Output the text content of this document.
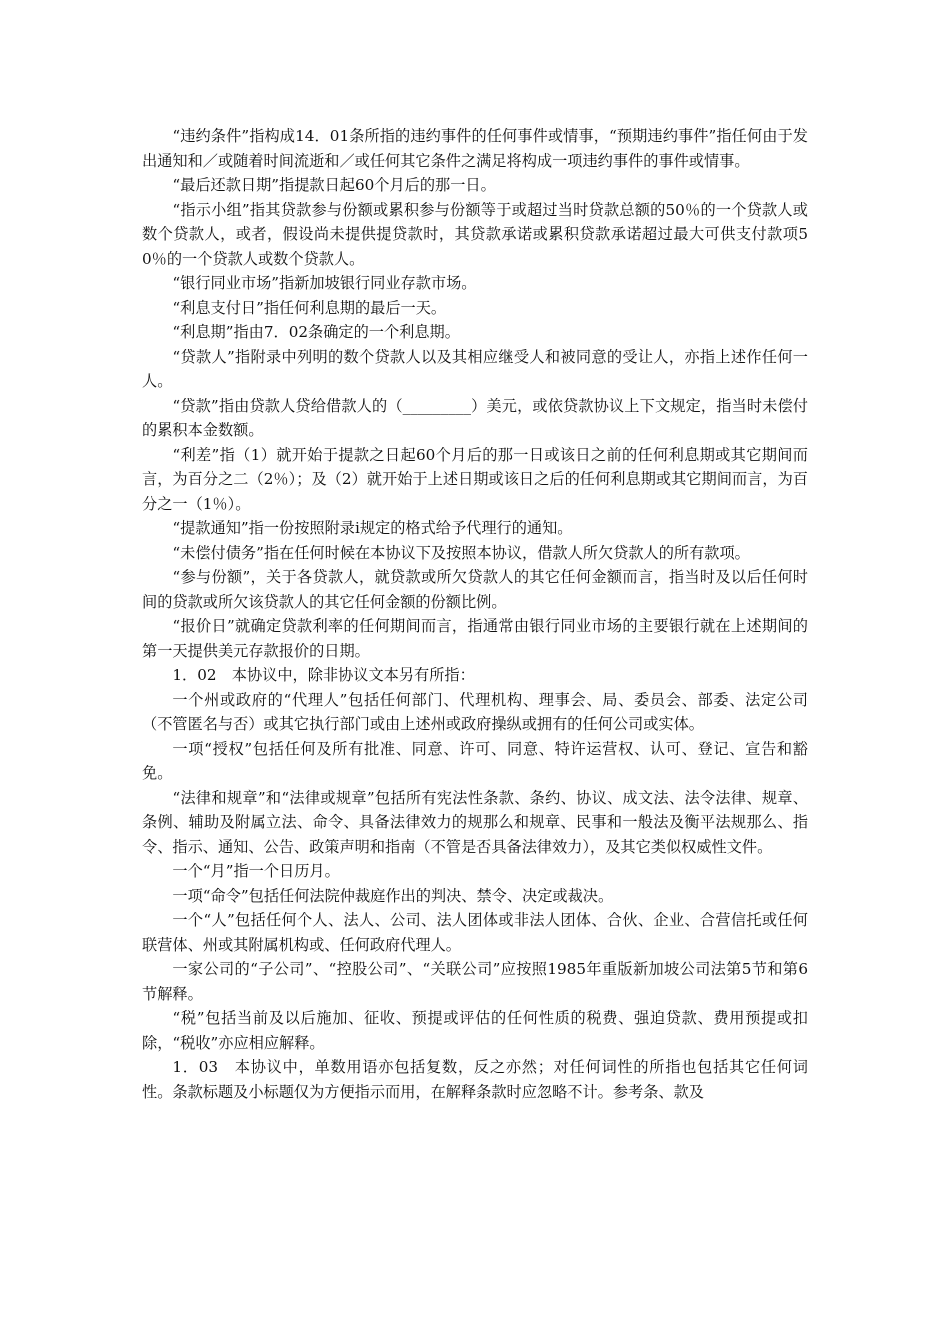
“违约条件”指构成14．01条所指的违约事件的任何事件或情事，“预期违约事件”指任何由于发出通知和／或随着时间流逝和／或任何其它条件之满足将构成一项违约事件的事件或情事。

“最后还款日期”指提款日起60个月后的那一日。

“指示小组”指其贷款参与份额或累积参与份额等于或超过当时贷款总额的50％的一个贷款人或数个贷款人，或者，假设尚未提供提贷款时，其贷款承诺或累积贷款承诺超过最大可供支付款项50％的一个贷款人或数个贷款人。

“银行同业市场”指新加坡银行同业存款市场。

“利息支付日”指任何利息期的最后一天。

“利息期”指由7．02条确定的一个利息期。

“贷款人”指附录中列明的数个贷款人以及其相应继受人和被同意的受让人，亦指上述作任何一人。

“贷款”指由贷款人贷给借款人的（_________）美元，或依贷款协议上下文规定，指当时未偿付的累积本金数额。

“利差”指（1）就开始于提款之日起60个月后的那一日或该日之前的任何利息期或其它期间而言，为百分之二（2％）；及（2）就开始于上述日期或该日之后的任何利息期或其它期间而言，为百分之一（1％）。

“提款通知”指一份按照附录i规定的格式给予代理行的通知。

“未偿付债务”指在任何时候在本协议下及按照本协议，借款人所欠贷款人的所有款项。

“参与份额”，关于各贷款人，就贷款或所欠贷款人的其它任何金额而言，指当时及以后任何时间的贷款或所欠该贷款人的其它任何金额的份额比例。

“报价日”就确定贷款利率的任何期间而言，指通常由银行同业市场的主要银行就在上述期间的第一天提供美元存款报价的日期。

1．02　本协议中，除非协议文本另有所指：

一个州或政府的“代理人”包括任何部门、代理机构、理事会、局、委员会、部委、法定公司（不管匿名与否）或其它执行部门或由上述州或政府操纵或拥有的任何公司或实体。

一项“授权”包括任何及所有批准、同意、许可、同意、特许运营权、认可、登记、宣告和豁免。

“法律和规章”和“法律或规章”包括所有宪法性条款、条约、协议、成文法、法令法律、规章、条例、辅助及附属立法、命令、具备法律效力的规那么和规章、民事和一般法及衡平法规那么、指令、指示、通知、公告、政策声明和指南（不管是否具备法律效力），及其它类似权威性文件。

一个“月”指一个日历月。

一项“命令”包括任何法院仲裁庭作出的判决、禁令、决定或裁决。

一个“人”包括任何个人、法人、公司、法人团体或非法人团体、合伙、企业、合营信托或任何联营体、州或其附属机构或、任何政府代理人。

一家公司的“子公司”、“控股公司”、“关联公司”应按照1985年重版新加坡公司法第5节和第6节解释。

“税”包括当前及以后施加、征收、预提或评估的任何性质的税费、强迫贷款、费用预提或扣除，“税收”亦应相应解释。

1．03　本协议中，单数用语亦包括复数，反之亦然；对任何词性的所指也包括其它任何词性。条款标题及小标题仅为方便指示而用，在解释条款时应忽略不计。参考条、款及
